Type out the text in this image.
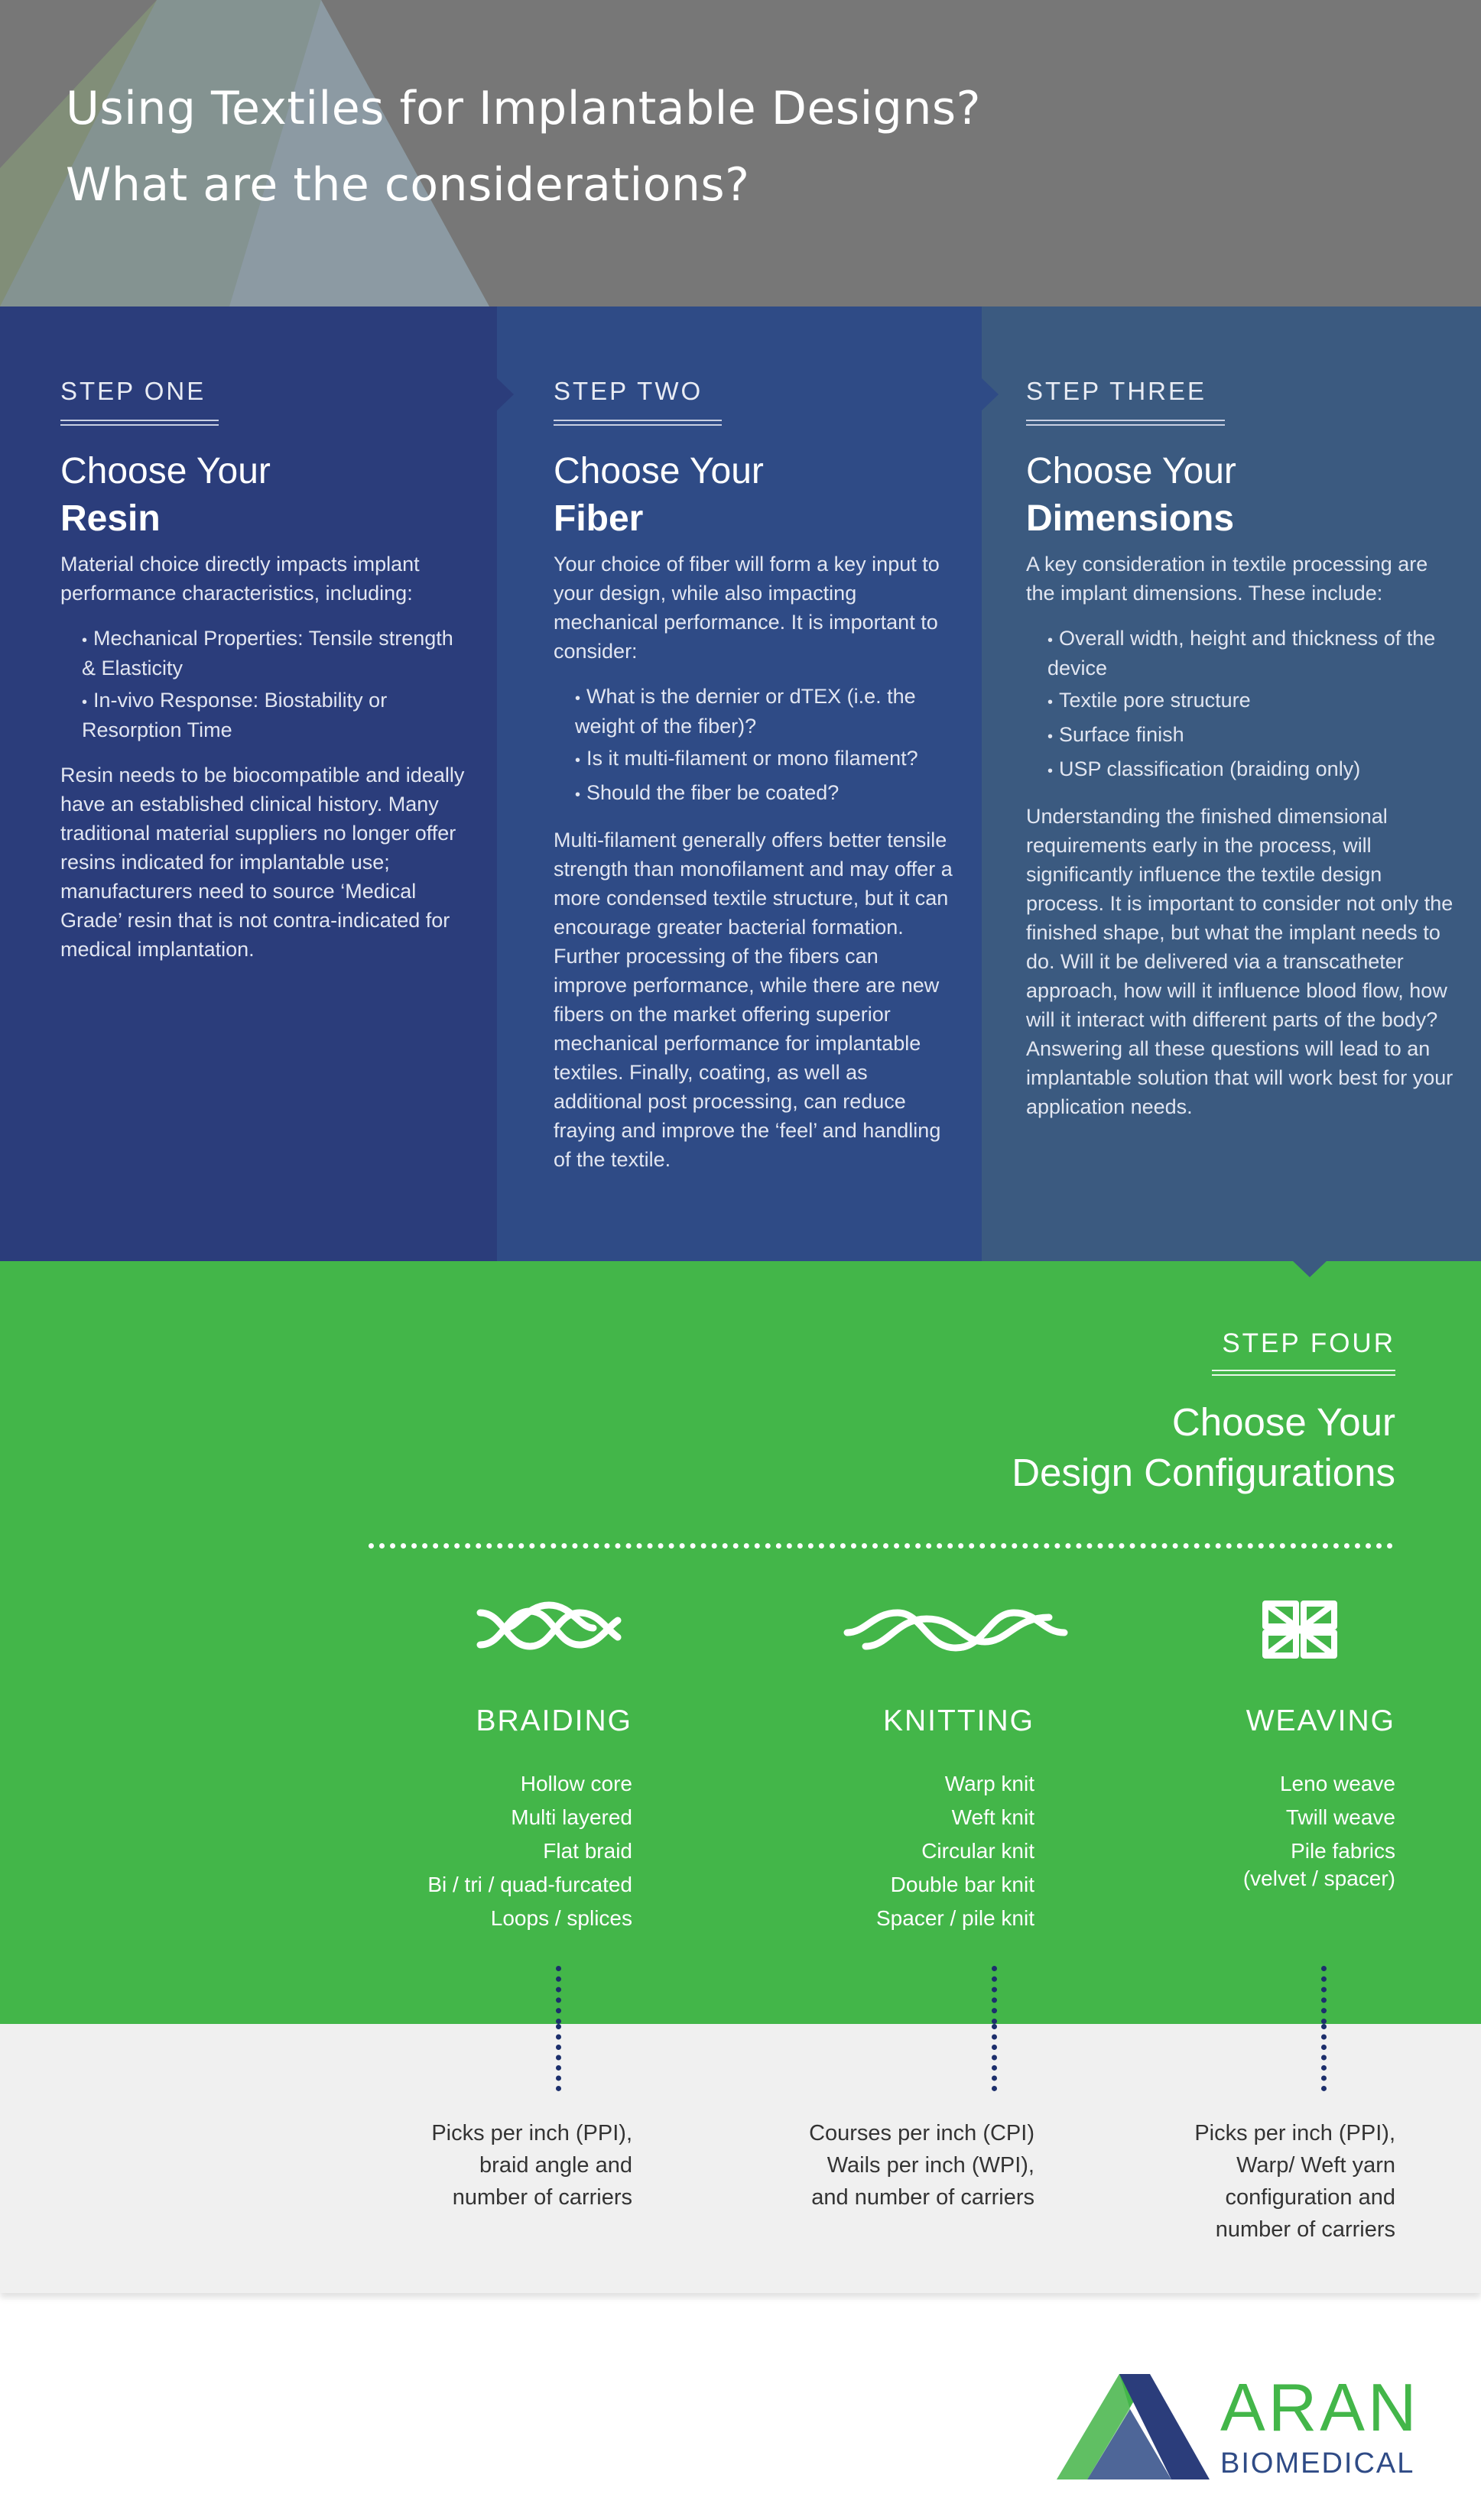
Using Textiles for Implantable Designs?
What are the considerations?
STEP ONE
Choose Your
Resin

Material choice directly impacts implant performance characteristics, including:

• Mechanical Properties: Tensile strength & Elasticity
• In-vivo Response: Biostability or Resorption Time

Resin needs to be biocompatible and ideally have an established clinical history. Many traditional material suppliers no longer offer resins indicated for implantable use; manufacturers need to source ‘Medical Grade’ resin that is not contra-indicated for medical implantation.

STEP TWO
Choose Your
Fiber

Your choice of fiber will form a key input to your design, while also impacting mechanical performance. It is important to consider:

• What is the dernier or dTEX (i.e. the weight of the fiber)?
• Is it multi-filament or mono filament?
• Should the fiber be coated?

Multi-filament generally offers better tensile strength than monofilament and may offer a more condensed textile structure, but it can encourage greater bacterial formation. Further processing of the fibers can improve performance, while there are new fibers on the market offering superior mechanical performance for implantable textiles. Finally, coating, as well as additional post processing, can reduce fraying and improve the ‘feel’ and handling of the textile.

STEP THREE
Choose Your
Dimensions

A key consideration in textile processing are the implant dimensions. These include:

• Overall width, height and thickness of the device
• Textile pore structure
• Surface finish
• USP classification (braiding only)

Understanding the finished dimensional requirements early in the process, will significantly influence the textile design process. It is important to consider not only the finished shape, but what the implant needs to do. Will it be delivered via a transcatheter approach, how will it influence blood flow, how will it interact with different parts of the body? Answering all these questions will lead to an implantable solution that will work best for your application needs.

STEP FOUR
Choose Your
Design Configurations
BRAIDING
Hollow core
Multi layered
Flat braid
Bi / tri / quad-furcated
Loops / splices
KNITTING
Warp knit
Weft knit
Circular knit
Double bar knit
Spacer / pile knit
WEAVING
Leno weave
Twill weave
Pile fabrics
(velvet / spacer)
Picks per inch (PPI),
braid angle and
number of carriers
Courses per inch (CPI)
Wails per inch (WPI),
and number of carriers
Picks per inch (PPI),
Warp/ Weft yarn
configuration and
number of carriers
ARAN
BIOMEDICAL
